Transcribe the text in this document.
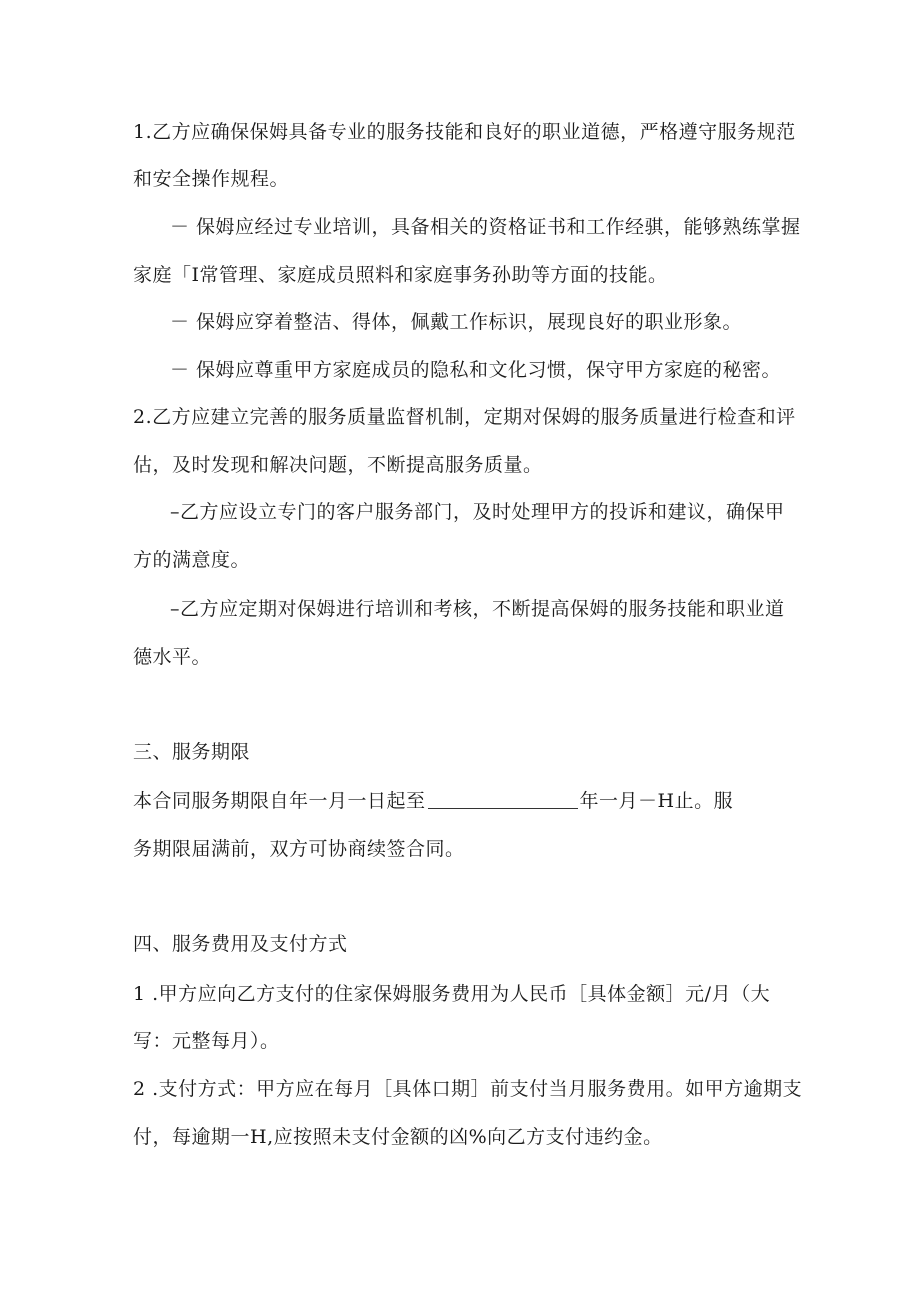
1.乙方应确保保姆具备专业的服务技能和良好的职业道德，严格遵守服务规范
和安全操作规程。
－ 保姆应经过专业培训，具备相关的资格证书和工作经骐，能够熟练掌握
家庭「I常管理、家庭成员照料和家庭事务孙助等方面的技能。
－ 保姆应穿着整洁、得体，佩戴工作标识，展现良好的职业形象。
－ 保姆应尊重甲方家庭成员的隐私和文化习惯，保守甲方家庭的秘密。
2.乙方应建立完善的服务质量监督机制，定期对保姆的服务质量进行检查和评
估，及时发现和解决问题，不断提高服务质量。
–乙方应设立专门的客户服务部门，及时处理甲方的投诉和建议，确保甲
方的满意度。
–乙方应定期对保姆进行培训和考核，不断提高保姆的服务技能和职业道
德水平。
三、服务期限
本合同服务期限自年一月一日起至	年一月－H止。服
务期限届满前，双方可协商续签合同。
四、服务费用及支付方式
1 .甲方应向乙方支付的住家保姆服务费用为人民币［具体金额］元/月（大
写：元整每月）。
2 .支付方式：甲方应在每月［具体口期］前支付当月服务费用。如甲方逾期支
付，每逾期一H,应按照未支付金额的凶%向乙方支付违约金。
